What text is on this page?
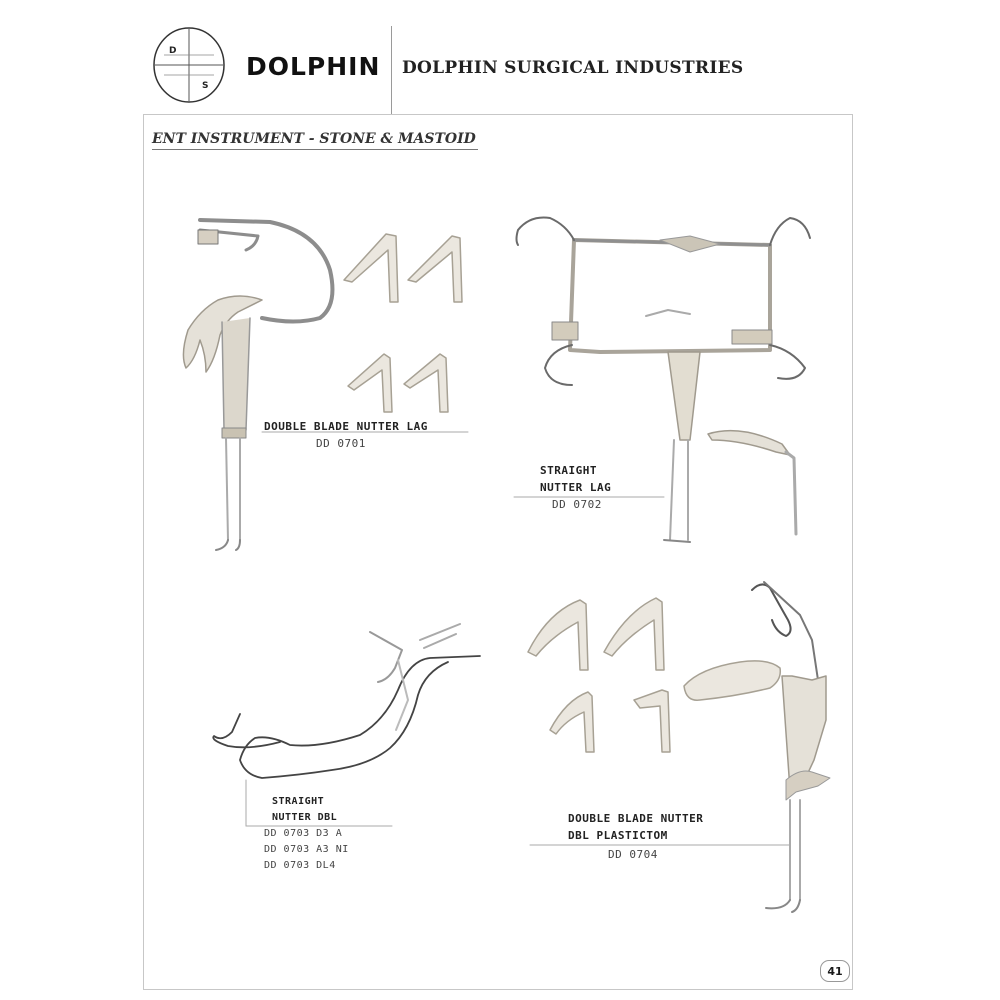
D
S
DOLPHIN DOLPHIN SURGICAL INDUSTRIES
ENT INSTRUMENT - STONE & MASTOID
DOUBLE BLADE NUTTER LAG
DD 0701
STRAIGHT
NUTTER LAG
DD 0702
STRAIGHT
NUTTER DBL
DD 0703 D3 A
DD 0703 A3 NI
DD 0703 DL4
DOUBLE BLADE NUTTER
DBL PLASTICTOM
DD 0704
41
